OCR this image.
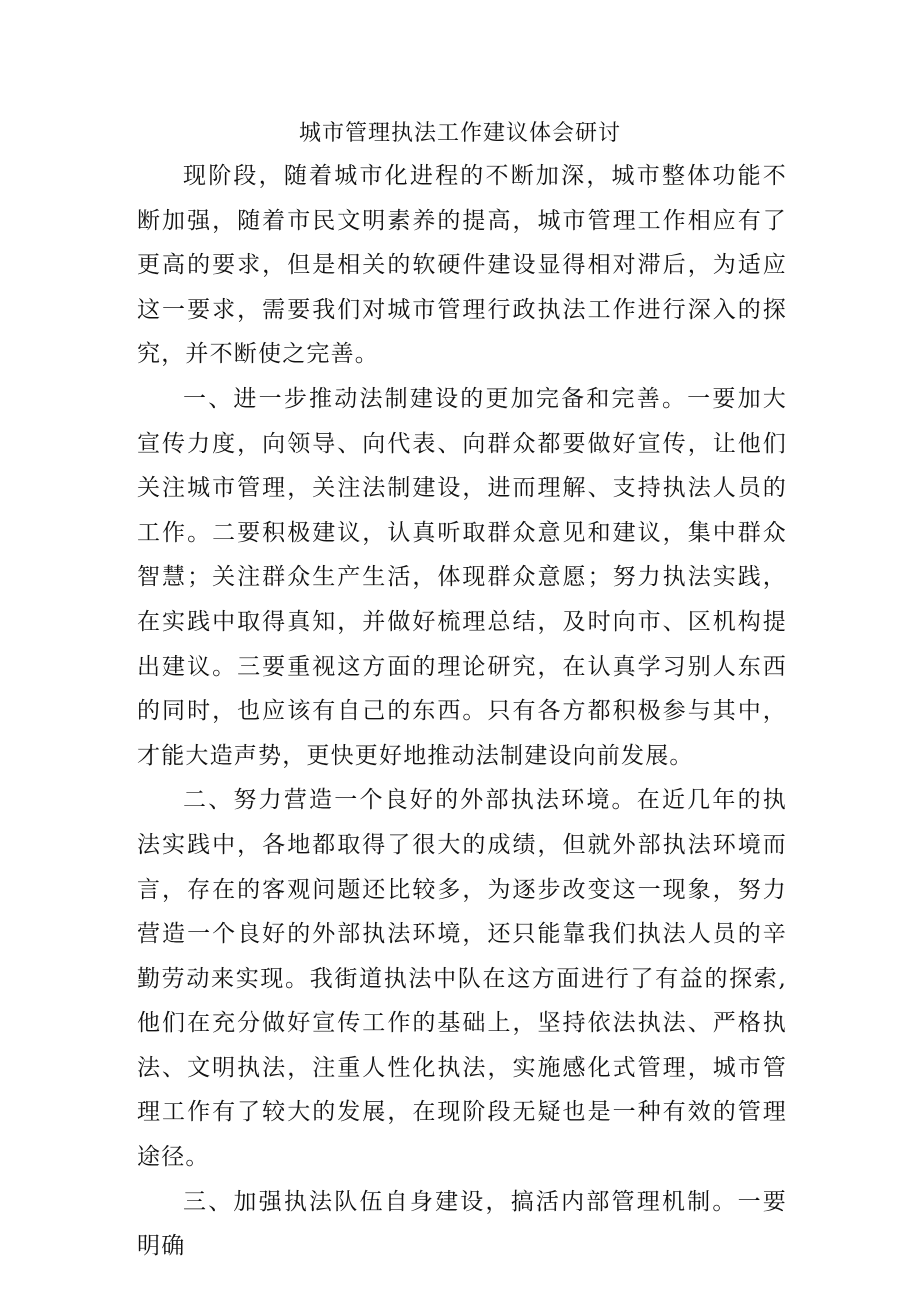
城市管理执法工作建议体会研讨

现阶段，随着城市化进程的不断加深，城市整体功能不断加强，随着市民文明素养的提高，城市管理工作相应有了更高的要求，但是相关的软硬件建设显得相对滞后，为适应这一要求，需要我们对城市管理行政执法工作进行深入的探究，并不断使之完善。

一、进一步推动法制建设的更加完备和完善。一要加大宣传力度，向领导、向代表、向群众都要做好宣传，让他们关注城市管理，关注法制建设，进而理解、支持执法人员的工作。二要积极建议，认真听取群众意见和建议，集中群众智慧；关注群众生产生活，体现群众意愿；努力执法实践，在实践中取得真知，并做好梳理总结，及时向市、区机构提出建议。三要重视这方面的理论研究，在认真学习别人东西的同时，也应该有自己的东西。只有各方都积极参与其中，才能大造声势，更快更好地推动法制建设向前发展。

二、努力营造一个良好的外部执法环境。在近几年的执法实践中，各地都取得了很大的成绩，但就外部执法环境而言，存在的客观问题还比较多，为逐步改变这一现象，努力营造一个良好的外部执法环境，还只能靠我们执法人员的辛勤劳动来实现。我街道执法中队在这方面进行了有益的探索,他们在充分做好宣传工作的基础上，坚持依法执法、严格执法、文明执法，注重人性化执法，实施感化式管理，城市管理工作有了较大的发展，在现阶段无疑也是一种有效的管理途径。

三、加强执法队伍自身建设，搞活内部管理机制。一要明确
